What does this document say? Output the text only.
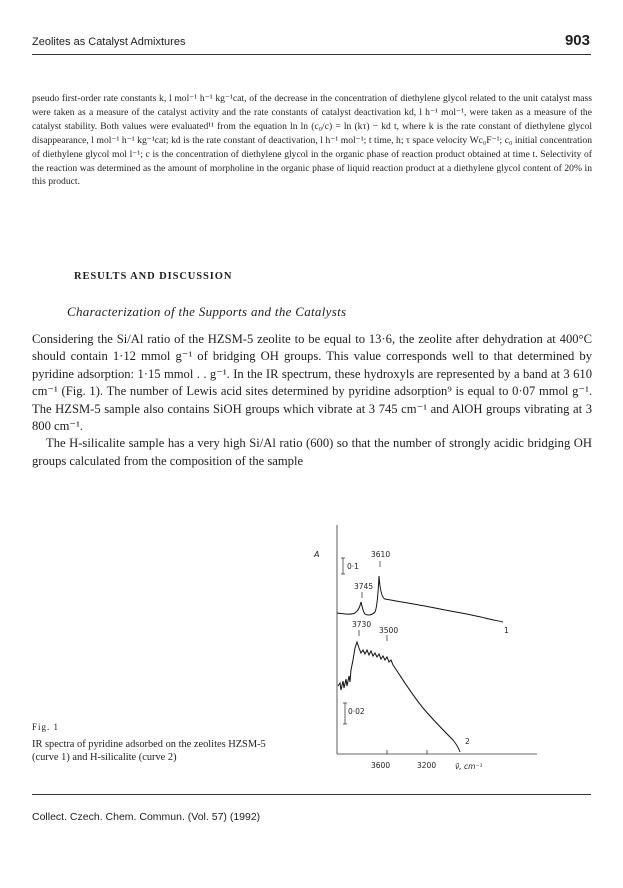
Zeolites as Catalyst Admixtures	903
pseudo first-order rate constants k, l mol⁻¹ h⁻¹ kg⁻¹cat, of the decrease in the concentration of diethylene glycol related to the unit catalyst mass were taken as a measure of the catalyst activity and the rate constants of catalyst deactivation kd, l h⁻¹ mol⁻¹, were taken as a measure of the catalyst stability. Both values were evaluated¹¹ from the equation ln ln (c₀/c) = ln (kτ) − kd t, where k is the rate constant of diethylene glycol disappearance, l mol⁻¹ h⁻¹ kg⁻¹cat; kd is the rate constant of deactivation, l h⁻¹ mol⁻¹; t time, h; τ space velocity Wc₀F⁻¹; c₀ initial concentration of diethylene glycol mol l⁻¹; c is the concentration of diethylene glycol in the organic phase of reaction product obtained at time t. Selectivity of the reaction was determined as the amount of morpholine in the organic phase of liquid reaction product at a diethylene glycol content of 20% in this product.
RESULTS AND DISCUSSION
Characterization of the Supports and the Catalysts

Considering the Si/Al ratio of the HZSM-5 zeolite to be equal to 13·6, the zeolite after dehydration at 400°C should contain 1·12 mmol g⁻¹ of bridging OH groups. This value corresponds well to that determined by pyridine adsorption: 1·15 mmol . . g⁻¹. In the IR spectrum, these hydroxyls are represented by a band at 3 610 cm⁻¹ (Fig. 1). The number of Lewis acid sites determined by pyridine adsorption⁹ is equal to 0·07 mmol g⁻¹. The HZSM-5 sample also contains SiOH groups which vibrate at 3 745 cm⁻¹ and AlOH groups vibrating at 3 800 cm⁻¹.

The H-silicalite sample has a very high Si/Al ratio (600) so that the number of strongly acidic bridging OH groups calculated from the composition of the sample

Fig. 1
IR spectra of pyridine adsorbed on the zeolites HZSM-5 (curve 1) and H-silicalite (curve 2)
A
0·1
3610
3745
3730
3500
0·02
1
2
3600	3200	ν̃, cm⁻¹
Collect. Czech. Chem. Commun. (Vol. 57) (1992)
